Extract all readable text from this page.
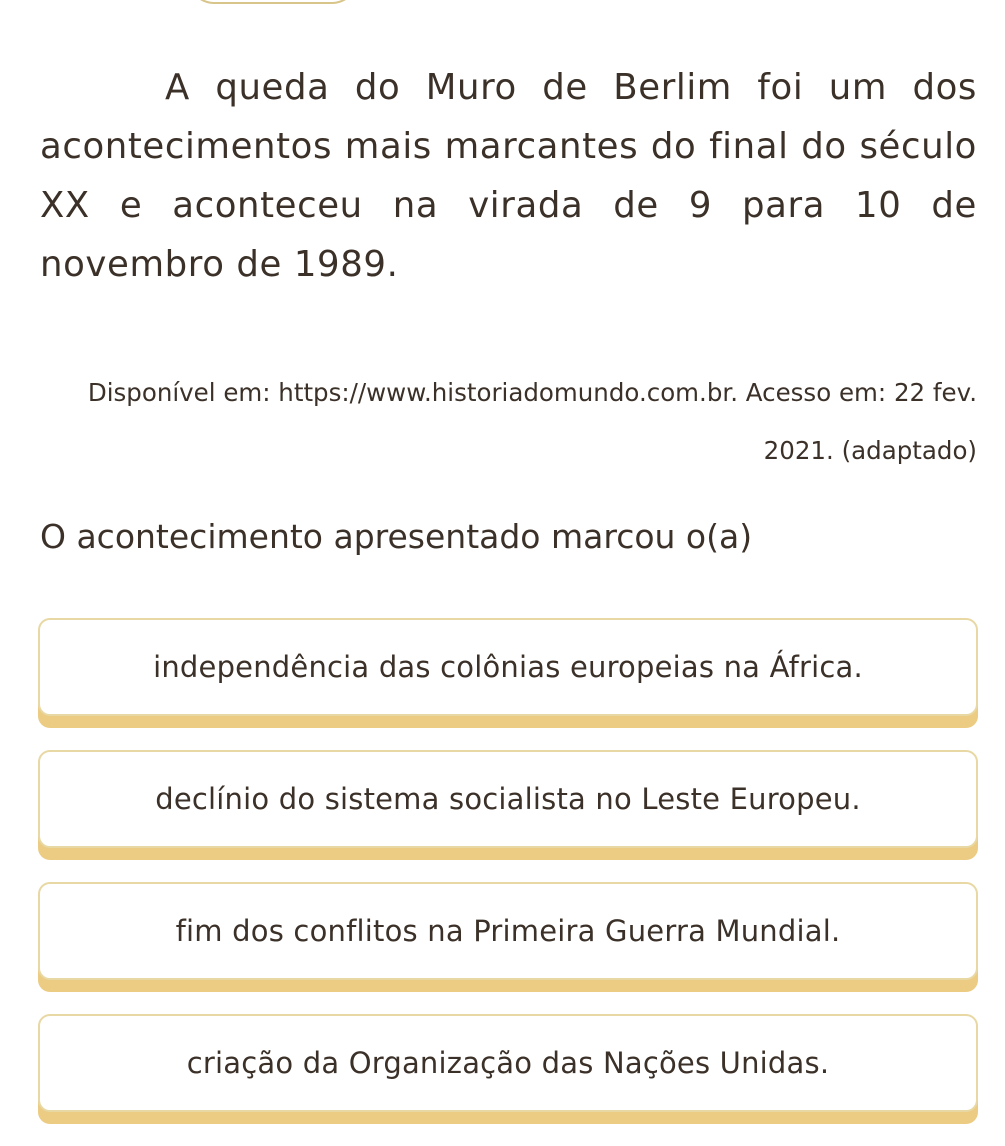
A queda do Muro de Berlim foi um dos acontecimentos mais marcantes do final do século XX e aconteceu na virada de 9 para 10 de novembro de 1989.

Disponível em: https://www.historiadomundo.com.br. Acesso em: 22 fev. 2021. (adaptado)

O acontecimento apresentado marcou o(a)

independência das colônias europeias na África.
declínio do sistema socialista no Leste Europeu.
fim dos conflitos na Primeira Guerra Mundial.
criação da Organização das Nações Unidas.
